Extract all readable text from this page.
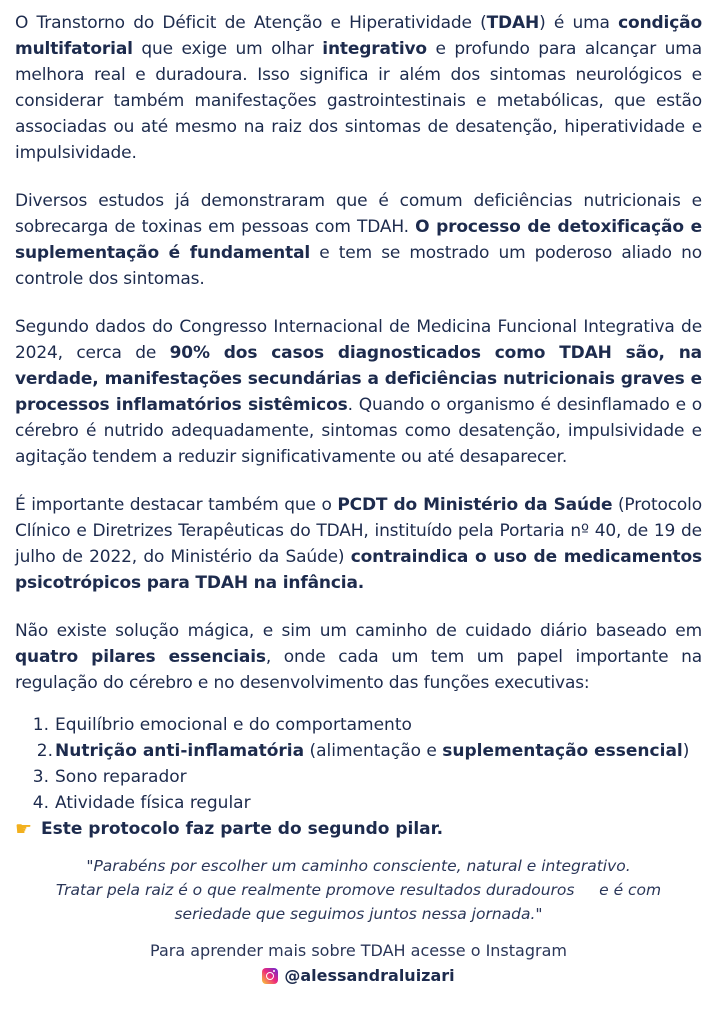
O Transtorno do Déficit de Atenção e Hiperatividade (TDAH) é uma condição multifatorial que exige um olhar integrativo e profundo para alcançar uma melhora real e duradoura. Isso significa ir além dos sintomas neurológicos e considerar também manifestações gastrointestinais e metabólicas, que estão associadas ou até mesmo na raiz dos sintomas de desatenção, hiperatividade e impulsividade.

Diversos estudos já demonstraram que é comum deficiências nutricionais e sobrecarga de toxinas em pessoas com TDAH. O processo de detoxificação e suplementação é fundamental e tem se mostrado um poderoso aliado no controle dos sintomas.

Segundo dados do Congresso Internacional de Medicina Funcional Integrativa de 2024, cerca de 90% dos casos diagnosticados como TDAH são, na verdade, manifestações secundárias a deficiências nutricionais graves e processos inflamatórios sistêmicos. Quando o organismo é desinflamado e o cérebro é nutrido adequadamente, sintomas como desatenção, impulsividade e agitação tendem a reduzir significativamente ou até desaparecer.

É importante destacar também que o PCDT do Ministério da Saúde (Protocolo Clínico e Diretrizes Terapêuticas do TDAH, instituído pela Portaria nº 40, de 19 de julho de 2022, do Ministério da Saúde) contraindica o uso de medicamentos psicotrópicos para TDAH na infância.

Não existe solução mágica, e sim um caminho de cuidado diário baseado em quatro pilares essenciais, onde cada um tem um papel importante na regulação do cérebro e no desenvolvimento das funções executivas:

1. Equilíbrio emocional e do comportamento
2. Nutrição anti-inflamatória (alimentação e suplementação essencial)
3. Sono reparador
4. Atividade física regular
☛ Este protocolo faz parte do segundo pilar.

"Parabéns por escolher um caminho consciente, natural e integrativo.
Tratar pela raiz é o que realmente promove resultados duradouros     e é com
seriedade que seguimos juntos nessa jornada."

Para aprender mais sobre TDAH acesse o Instagram
@alessandraluizari
